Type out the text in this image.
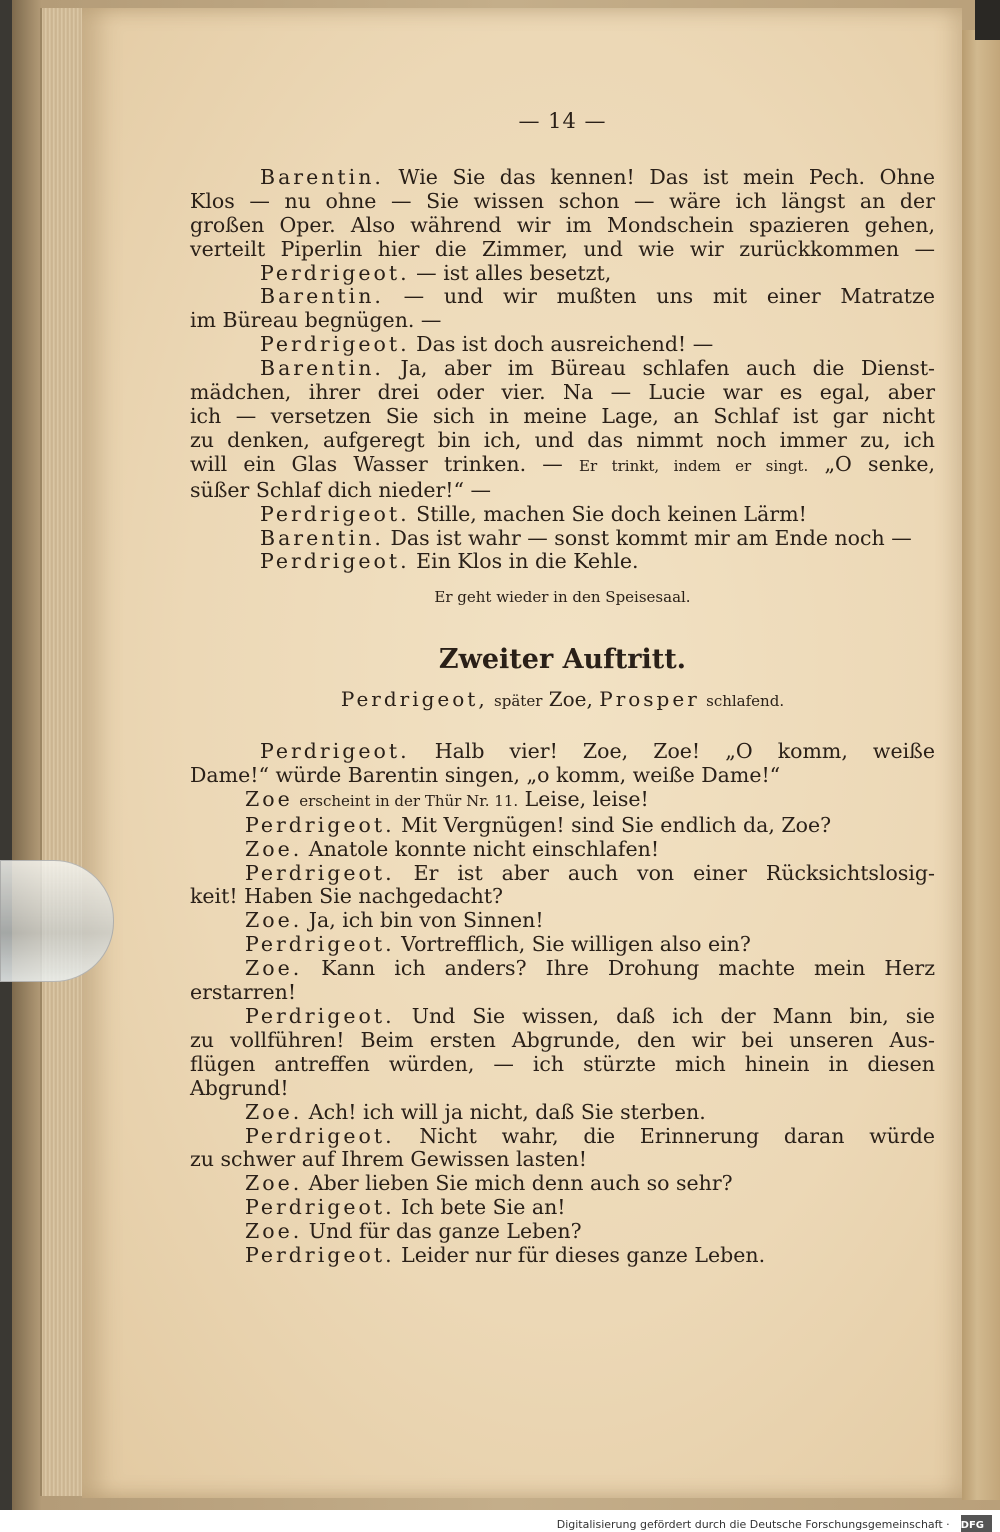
— 14 —
Barentin. Wie Sie das kennen! Das ist mein Pech. Ohne
Klos — nu ohne — Sie wissen schon — wäre ich längst an der
großen Oper. Also während wir im Mondschein spazieren gehen,
verteilt Piperlin hier die Zimmer, und wie wir zurückkommen —
Perdrigeot. — ist alles besetzt,
Barentin. — und wir mußten uns mit einer Matratze
im Büreau begnügen. —
Perdrigeot. Das ist doch ausreichend! —
Barentin. Ja, aber im Büreau schlafen auch die Dienst-
mädchen, ihrer drei oder vier. Na — Lucie war es egal, aber
ich — versetzen Sie sich in meine Lage, an Schlaf ist gar nicht
zu denken, aufgeregt bin ich, und das nimmt noch immer zu, ich
will ein Glas Wasser trinken. — Er trinkt, indem er singt. „O senke,
süßer Schlaf dich nieder!“ —
Perdrigeot. Stille, machen Sie doch keinen Lärm!
Barentin. Das ist wahr — sonst kommt mir am Ende noch —
Perdrigeot. Ein Klos in die Kehle.
Er geht wieder in den Speisesaal.
Zweiter Auftritt.
Perdrigeot, später Zoe, Prosper schlafend.
Perdrigeot. Halb vier! Zoe, Zoe! „O komm, weiße
Dame!“ würde Barentin singen, „o komm, weiße Dame!“
Zoe erscheint in der Thür Nr. 11. Leise, leise!
Perdrigeot. Mit Vergnügen! sind Sie endlich da, Zoe?
Zoe. Anatole konnte nicht einschlafen!
Perdrigeot. Er ist aber auch von einer Rücksichtslosig-
keit! Haben Sie nachgedacht?
Zoe. Ja, ich bin von Sinnen!
Perdrigeot. Vortrefflich, Sie willigen also ein?
Zoe. Kann ich anders? Ihre Drohung machte mein Herz
erstarren!
Perdrigeot. Und Sie wissen, daß ich der Mann bin, sie
zu vollführen! Beim ersten Abgrunde, den wir bei unseren Aus-
flügen antreffen würden, — ich stürzte mich hinein in diesen
Abgrund!
Zoe. Ach! ich will ja nicht, daß Sie sterben.
Perdrigeot. Nicht wahr, die Erinnerung daran würde
zu schwer auf Ihrem Gewissen lasten!
Zoe. Aber lieben Sie mich denn auch so sehr?
Perdrigeot. Ich bete Sie an!
Zoe. Und für das ganze Leben?
Perdrigeot. Leider nur für dieses ganze Leben.
Digitalisierung gefördert durch die Deutsche Forschungsgemeinschaft · DFG
